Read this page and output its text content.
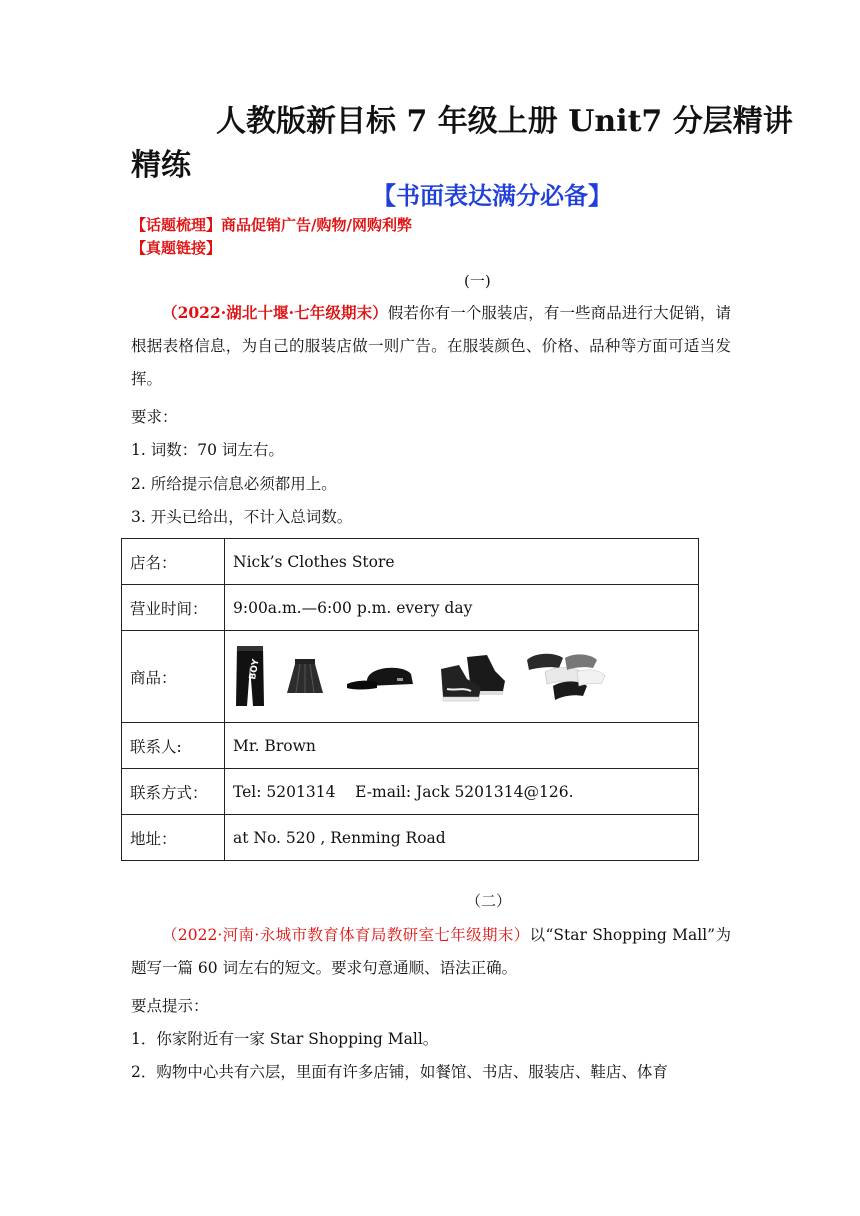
人教版新目标 7 年级上册 Unit7 分层精讲
精练
【书面表达满分必备】
【话题梳理】商品促销广告/购物/网购利弊
【真题链接】
(一)
（2022·湖北十堰·七年级期末）假若你有一个服装店，有一些商品进行大促销，请根据表格信息，为自己的服装店做一则广告。在服装颜色、价格、品种等方面可适当发挥。
要求：
1. 词数：70 词左右。
2. 所给提示信息必须都用上。
3. 开头已给出，不计入总词数。
店名：	Nick’s Clothes Store
营业时间：	9:00a.m.—6:00 p.m. every day
商品：	BOY

联系人:	Mr. Brown
联系方式：	Tel: 5201314    E-mail: Jack 5201314@126.
地址：	at No. 520 , Renming Road
（二）
（2022·河南·永城市教育体育局教研室七年级期末）以“Star Shopping Mall”为题写一篇 60 词左右的短文。要求句意通顺、语法正确。
要点提示：
1．你家附近有一家 Star Shopping Mall。
2．购物中心共有六层，里面有许多店铺，如餐馆、书店、服装店、鞋店、体育
